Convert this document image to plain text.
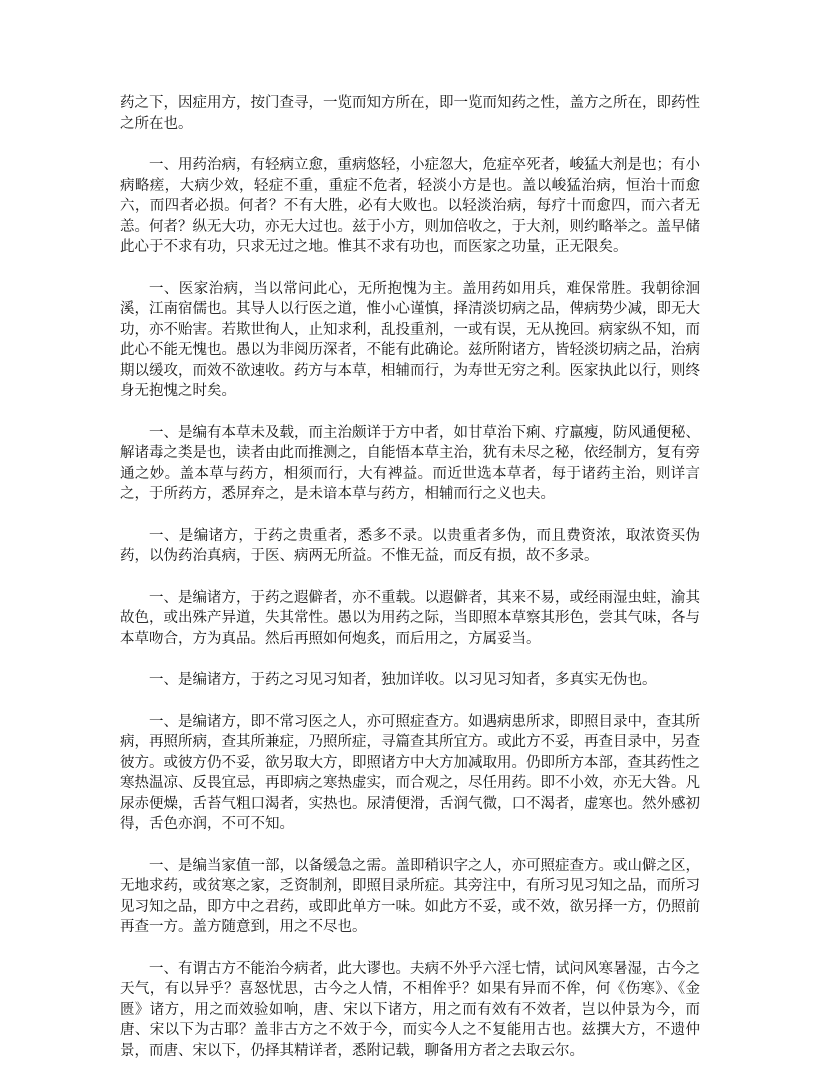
药之下，因症用方，按门查寻，一览而知方所在，即一览而知药之性，盖方之所在，即药性之所在也。

一、用药治病，有轻病立愈，重病悠轻，小症忽大，危症卒死者，峻猛大剂是也；有小病略瘥，大病少效，轻症不重，重症不危者，轻淡小方是也。盖以峻猛治病，恒治十而愈六，而四者必损。何者？不有大胜，必有大败也。以轻淡治病，每疗十而愈四，而六者无恙。何者？纵无大功，亦无大过也。兹于小方，则加倍收之，于大剂，则约略举之。盖早储此心于不求有功，只求无过之地。惟其不求有功也，而医家之功量，正无限矣。

一、医家治病，当以常问此心，无所抱愧为主。盖用药如用兵，难保常胜。我朝徐洄溪，江南宿儒也。其导人以行医之道，惟小心谨慎，择清淡切病之品，俾病势少减，即无大功，亦不贻害。若欺世徇人，止知求利，乱投重剂，一或有误，无从挽回。病家纵不知，而此心不能无愧也。愚以为非阅历深者，不能有此确论。兹所附诸方，皆轻淡切病之品，治病期以缓攻，而效不欲速收。药方与本草，相辅而行，为寿世无穷之利。医家执此以行，则终身无抱愧之时矣。

一、是编有本草未及载，而主治颇详于方中者，如甘草治下痢、疗羸瘦，防风通便秘、解诸毒之类是也，读者由此而推测之，自能悟本草主治，犹有未尽之秘，依经制方，复有旁通之妙。盖本草与药方，相须而行，大有裨益。而近世选本草者，每于诸药主治，则详言之，于所药方，悉屏弃之，是未谙本草与药方，相辅而行之义也夫。

一、是编诸方，于药之贵重者，悉多不录。以贵重者多伪，而且费资浓，取浓资买伪药，以伪药治真病，于医、病两无所益。不惟无益，而反有损，故不多录。

一、是编诸方，于药之遐僻者，亦不重载。以遐僻者，其来不易，或经雨湿虫蛀，渝其故色，或出殊产异道，失其常性。愚以为用药之际，当即照本草察其形色，尝其气味，各与本草吻合，方为真品。然后再照如何炮炙，而后用之，方属妥当。

一、是编诸方，于药之习见习知者，独加详收。以习见习知者，多真实无伪也。

一、是编诸方，即不常习医之人，亦可照症查方。如遇病患所求，即照目录中，查其所病，再照所病，查其所兼症，乃照所症，寻篇查其所宜方。或此方不妥，再查目录中，另查彼方。或彼方仍不妥，欲另取大方，即照诸方中大方加减取用。仍即所方本部，查其药性之寒热温凉、反畏宜忌，再即病之寒热虚实，而合观之，尽任用药。即不小效，亦无大咎。凡尿赤便燥，舌苔气粗口渴者，实热也。尿清便滑，舌润气微，口不渴者，虚寒也。然外感初得，舌色亦润，不可不知。

一、是编当家值一部，以备缓急之需。盖即稍识字之人，亦可照症查方。或山僻之区，无地求药，或贫寒之家，乏资制剂，即照目录所症。其旁注中，有所习见习知之品，而所习见习知之品，即方中之君药，或即此单方一味。如此方不妥，或不效，欲另择一方，仍照前再查一方。盖方随意到，用之不尽也。

一、有谓古方不能治今病者，此大谬也。夫病不外乎六淫七情，试问风寒暑湿，古今之天气，有以异乎？喜怒忧思，古今之人情，不相侔乎？如果有异而不侔，何《伤寒》、《金匮》诸方，用之而效验如响，唐、宋以下诸方，用之而有效有不效者，岂以仲景为今，而唐、宋以下为古耶？盖非古方之不效于今，而实今人之不复能用古也。兹撰大方，不遗仲景，而唐、宋以下，仍择其精详者，悉附记载，聊备用方者之去取云尔。
